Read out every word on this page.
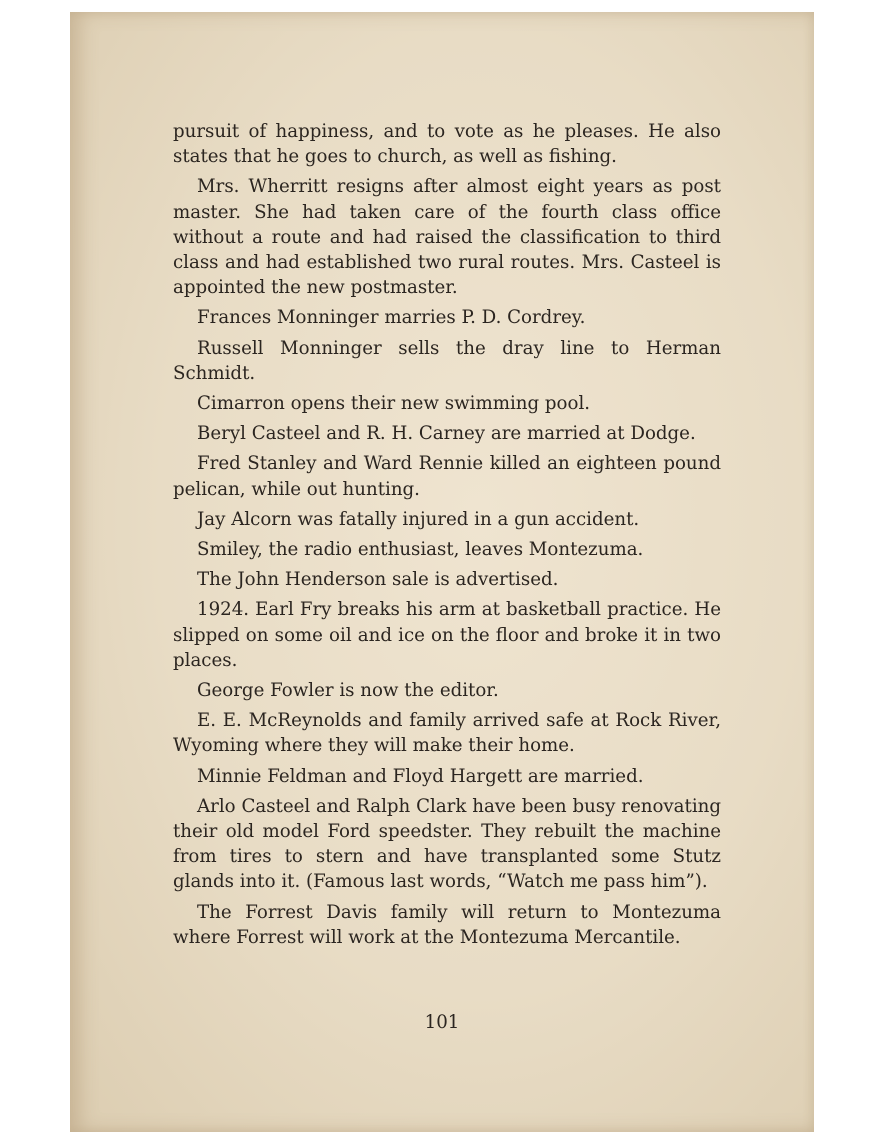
pursuit of happiness, and to vote as he pleases. He also states that he goes to church, as well as fishing.

Mrs. Wherritt resigns after almost eight years as post master. She had taken care of the fourth class office without a route and had raised the classification to third class and had established two rural routes. Mrs. Casteel is appointed the new postmaster.

Frances Monninger marries P. D. Cordrey.

Russell Monninger sells the dray line to Herman Schmidt.

Cimarron opens their new swimming pool.

Beryl Casteel and R. H. Carney are married at Dodge.

Fred Stanley and Ward Rennie killed an eighteen pound pelican, while out hunting.

Jay Alcorn was fatally injured in a gun accident.

Smiley, the radio enthusiast, leaves Montezuma.

The John Henderson sale is advertised.

1924. Earl Fry breaks his arm at basketball practice. He slipped on some oil and ice on the floor and broke it in two places.

George Fowler is now the editor.

E. E. McReynolds and family arrived safe at Rock River, Wyoming where they will make their home.

Minnie Feldman and Floyd Hargett are married.

Arlo Casteel and Ralph Clark have been busy renovating their old model Ford speedster. They rebuilt the machine from tires to stern and have transplanted some Stutz glands into it. (Famous last words, “Watch me pass him”).

The Forrest Davis family will return to Montezuma where Forrest will work at the Montezuma Mercantile.

101
